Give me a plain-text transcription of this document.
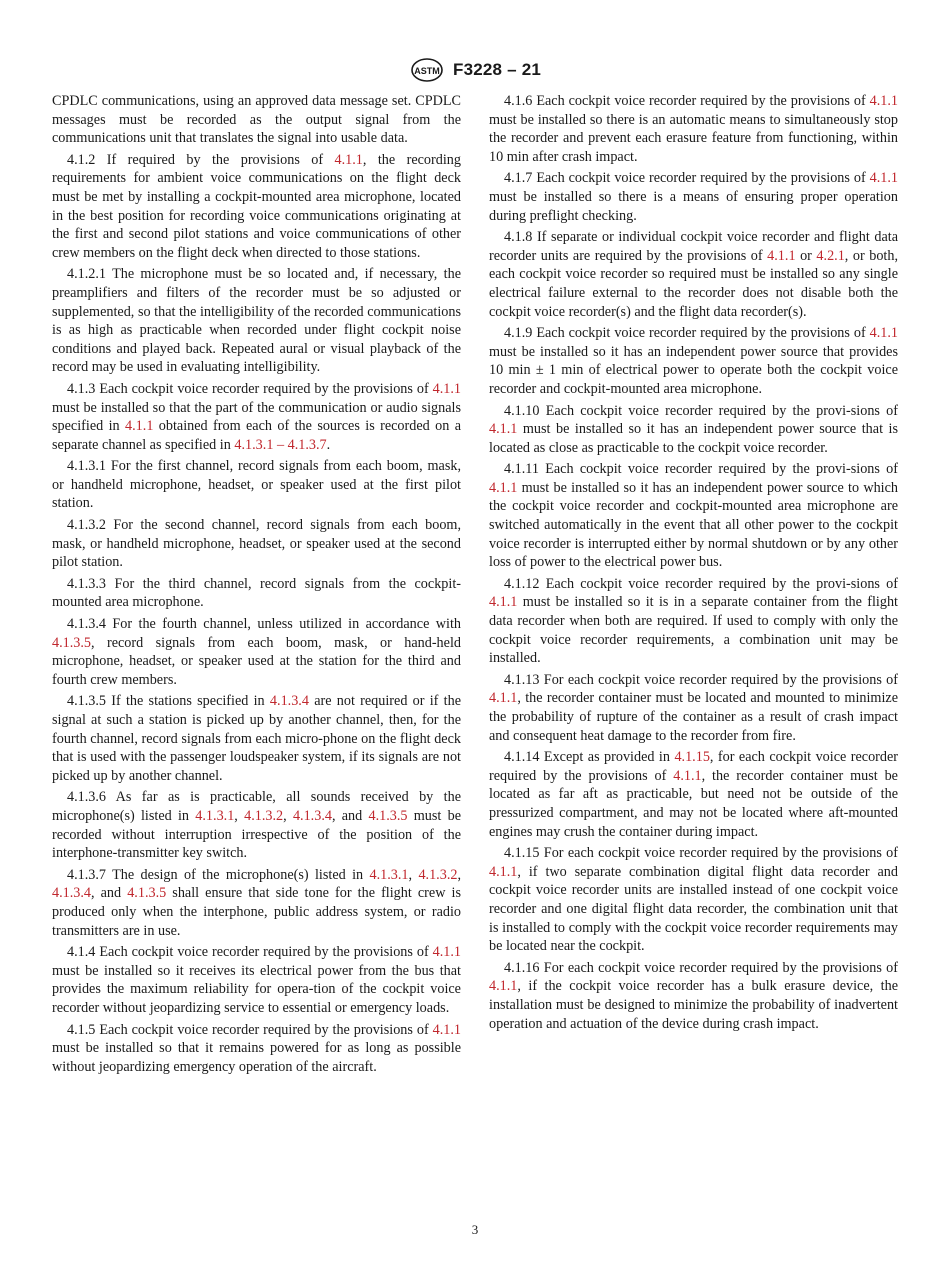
ASTM F3228 – 21

CPDLC communications, using an approved data message set. CPDLC messages must be recorded as the output signal from the communications unit that translates the signal into usable data.

4.1.2 If required by the provisions of 4.1.1, the recording requirements for ambient voice communications on the flight deck must be met by installing a cockpit-mounted area microphone, located in the best position for recording voice communications originating at the first and second pilot stations and voice communications of other crew members on the flight deck when directed to those stations.

4.1.2.1 The microphone must be so located and, if necessary, the preamplifiers and filters of the recorder must be so adjusted or supplemented, so that the intelligibility of the recorded communications is as high as practicable when recorded under flight cockpit noise conditions and played back. Repeated aural or visual playback of the record may be used in evaluating intelligibility.

4.1.3 Each cockpit voice recorder required by the provisions of 4.1.1 must be installed so that the part of the communication or audio signals specified in 4.1.1 obtained from each of the sources is recorded on a separate channel as specified in 4.1.3.1 – 4.1.3.7.

4.1.3.1 For the first channel, record signals from each boom, mask, or handheld microphone, headset, or speaker used at the first pilot station.

4.1.3.2 For the second channel, record signals from each boom, mask, or handheld microphone, headset, or speaker used at the second pilot station.

4.1.3.3 For the third channel, record signals from the cockpit-mounted area microphone.

4.1.3.4 For the fourth channel, unless utilized in accordance with 4.1.3.5, record signals from each boom, mask, or hand-held microphone, headset, or speaker used at the station for the third and fourth crew members.

4.1.3.5 If the stations specified in 4.1.3.4 are not required or if the signal at such a station is picked up by another channel, then, for the fourth channel, record signals from each micro-phone on the flight deck that is used with the passenger loudspeaker system, if its signals are not picked up by another channel.

4.1.3.6 As far as is practicable, all sounds received by the microphone(s) listed in 4.1.3.1, 4.1.3.2, 4.1.3.4, and 4.1.3.5 must be recorded without interruption irrespective of the position of the interphone-transmitter key switch.

4.1.3.7 The design of the microphone(s) listed in 4.1.3.1, 4.1.3.2, 4.1.3.4, and 4.1.3.5 shall ensure that side tone for the flight crew is produced only when the interphone, public address system, or radio transmitters are in use.

4.1.4 Each cockpit voice recorder required by the provisions of 4.1.1 must be installed so it receives its electrical power from the bus that provides the maximum reliability for opera-tion of the cockpit voice recorder without jeopardizing service to essential or emergency loads.

4.1.5 Each cockpit voice recorder required by the provisions of 4.1.1 must be installed so that it remains powered for as long as possible without jeopardizing emergency operation of the aircraft.

4.1.6 Each cockpit voice recorder required by the provisions of 4.1.1 must be installed so there is an automatic means to simultaneously stop the recorder and prevent each erasure feature from functioning, within 10 min after crash impact.

4.1.7 Each cockpit voice recorder required by the provisions of 4.1.1 must be installed so there is a means of ensuring proper operation during preflight checking.

4.1.8 If separate or individual cockpit voice recorder and flight data recorder units are required by the provisions of 4.1.1 or 4.2.1, or both, each cockpit voice recorder so required must be installed so any single electrical failure external to the recorder does not disable both the cockpit voice recorder(s) and the flight data recorder(s).

4.1.9 Each cockpit voice recorder required by the provisions of 4.1.1 must be installed so it has an independent power source that provides 10 min ± 1 min of electrical power to operate both the cockpit voice recorder and cockpit-mounted area microphone.

4.1.10 Each cockpit voice recorder required by the provi-sions of 4.1.1 must be installed so it has an independent power source that is located as close as practicable to the cockpit voice recorder.

4.1.11 Each cockpit voice recorder required by the provi-sions of 4.1.1 must be installed so it has an independent power source to which the cockpit voice recorder and cockpit-mounted area microphone are switched automatically in the event that all other power to the cockpit voice recorder is interrupted either by normal shutdown or by any other loss of power to the electrical power bus.

4.1.12 Each cockpit voice recorder required by the provi-sions of 4.1.1 must be installed so it is in a separate container from the flight data recorder when both are required. If used to comply with only the cockpit voice recorder requirements, a combination unit may be installed.

4.1.13 For each cockpit voice recorder required by the provisions of 4.1.1, the recorder container must be located and mounted to minimize the probability of rupture of the container as a result of crash impact and consequent heat damage to the recorder from fire.

4.1.14 Except as provided in 4.1.15, for each cockpit voice recorder required by the provisions of 4.1.1, the recorder container must be located as far aft as practicable, but need not be outside of the pressurized compartment, and may not be located where aft-mounted engines may crush the container during impact.

4.1.15 For each cockpit voice recorder required by the provisions of 4.1.1, if two separate combination digital flight data recorder and cockpit voice recorder units are installed instead of one cockpit voice recorder and one digital flight data recorder, the combination unit that is installed to comply with the cockpit voice recorder requirements may be located near the cockpit.

4.1.16 For each cockpit voice recorder required by the provisions of 4.1.1, if the cockpit voice recorder has a bulk erasure device, the installation must be designed to minimize the probability of inadvertent operation and actuation of the device during crash impact.

3
